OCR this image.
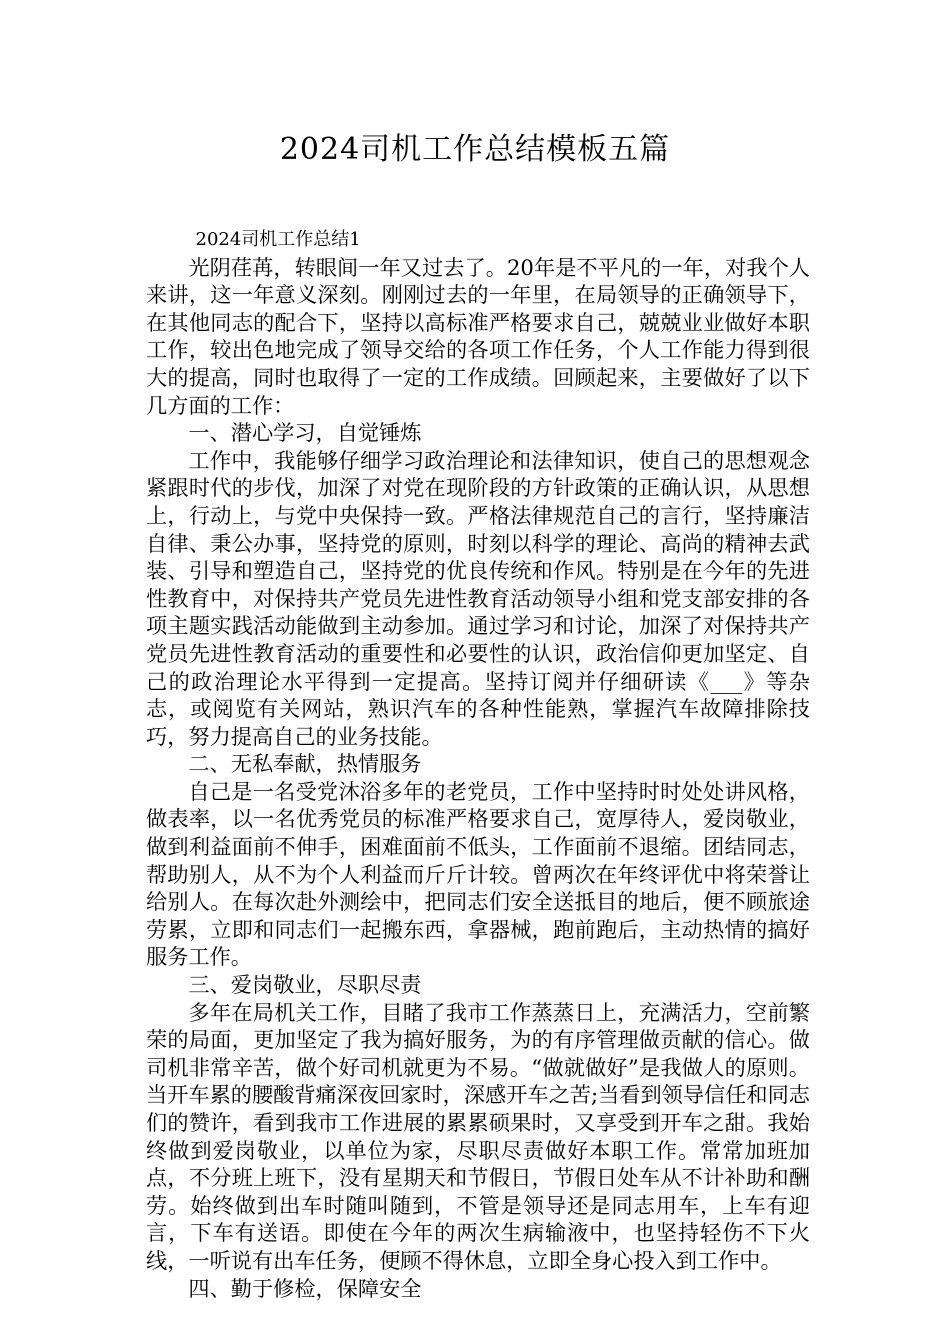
2024司机工作总结模板五篇

2024司机工作总结1

光阴荏苒，转眼间一年又过去了。20年是不平凡的一年，对我个人来讲，这一年意义深刻。刚刚过去的一年里，在局领导的正确领导下，在其他同志的配合下，坚持以高标准严格要求自己，兢兢业业做好本职工作，较出色地完成了领导交给的各项工作任务，个人工作能力得到很大的提高，同时也取得了一定的工作成绩。回顾起来，主要做好了以下几方面的工作：

一、潜心学习，自觉锤炼

工作中，我能够仔细学习政治理论和法律知识，使自己的思想观念紧跟时代的步伐，加深了对党在现阶段的方针政策的正确认识，从思想上，行动上，与党中央保持一致。严格法律规范自己的言行，坚持廉洁自律、秉公办事，坚持党的原则，时刻以科学的理论、高尚的精神去武装、引导和塑造自己，坚持党的优良传统和作风。特别是在今年的先进性教育中，对保持共产党员先进性教育活动领导小组和党支部安排的各项主题实践活动能做到主动参加。通过学习和讨论，加深了对保持共产党员先进性教育活动的重要性和必要性的认识，政治信仰更加坚定、自己的政治理论水平得到一定提高。坚持订阅并仔细研读《___》等杂志，或阅览有关网站，熟识汽车的各种性能熟，掌握汽车故障排除技巧，努力提高自己的业务技能。

二、无私奉献，热情服务

自己是一名受党沐浴多年的老党员，工作中坚持时时处处讲风格，做表率，以一名优秀党员的标准严格要求自己，宽厚待人，爱岗敬业，做到利益面前不伸手，困难面前不低头，工作面前不退缩。团结同志，帮助别人，从不为个人利益而斤斤计较。曾两次在年终评优中将荣誉让给别人。在每次赴外测绘中，把同志们安全送抵目的地后，便不顾旅途劳累，立即和同志们一起搬东西，拿器械，跑前跑后，主动热情的搞好服务工作。

三、爱岗敬业，尽职尽责

多年在局机关工作，目睹了我市工作蒸蒸日上，充满活力，空前繁荣的局面，更加坚定了我为搞好服务，为的有序管理做贡献的信心。做司机非常辛苦，做个好司机就更为不易。“做就做好”是我做人的原则。当开车累的腰酸背痛深夜回家时，深感开车之苦;当看到领导信任和同志们的赞许，看到我市工作进展的累累硕果时，又享受到开车之甜。我始终做到爱岗敬业，以单位为家，尽职尽责做好本职工作。常常加班加点，不分班上班下，没有星期天和节假日，节假日处车从不计补助和酬劳。始终做到出车时随叫随到，不管是领导还是同志用车，上车有迎言，下车有送语。即使在今年的两次生病输液中，也坚持轻伤不下火线，一听说有出车任务，便顾不得休息，立即全身心投入到工作中。

四、勤于修检，保障安全
